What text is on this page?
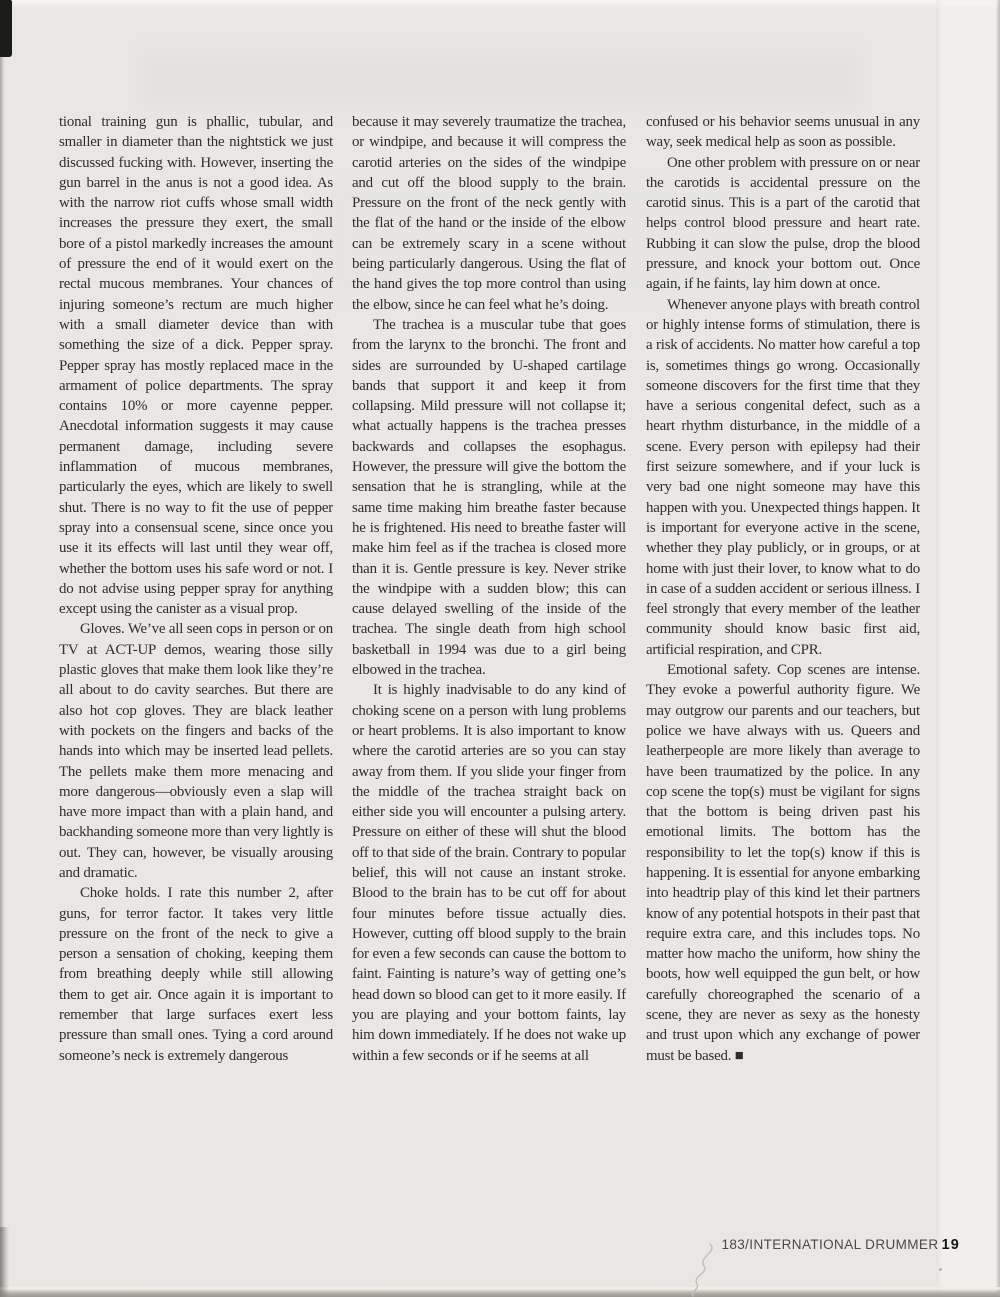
tional training gun is phallic, tubular, and smaller in diameter than the nightstick we just discussed fucking with. However, inserting the gun barrel in the anus is not a good idea. As with the narrow riot cuffs whose small width increases the pressure they exert, the small bore of a pistol markedly increases the amount of pressure the end of it would exert on the rectal mucous membranes. Your chances of injuring someone’s rectum are much higher with a small diameter device than with something the size of a dick. Pepper spray. Pepper spray has mostly replaced mace in the armament of police departments. The spray contains 10% or more cayenne pepper. Anecdotal information suggests it may cause permanent damage, including severe inflammation of mucous membranes, particularly the eyes, which are likely to swell shut. There is no way to fit the use of pepper spray into a consensual scene, since once you use it its effects will last until they wear off, whether the bottom uses his safe word or not. I do not advise using pepper spray for anything except using the canister as a visual prop.

Gloves. We’ve all seen cops in person or on TV at ACT-UP demos, wearing those silly plastic gloves that make them look like they’re all about to do cavity searches. But there are also hot cop gloves. They are black leather with pockets on the fingers and backs of the hands into which may be inserted lead pellets. The pellets make them more menacing and more dangerous—obviously even a slap will have more impact than with a plain hand, and backhanding someone more than very lightly is out. They can, however, be visually arousing and dramatic.

Choke holds. I rate this number 2, after guns, for terror factor. It takes very little pressure on the front of the neck to give a person a sensation of choking, keeping them from breathing deeply while still allowing them to get air. Once again it is important to remember that large surfaces exert less pressure than small ones. Tying a cord around someone’s neck is extremely dangerous

because it may severely traumatize the trachea, or windpipe, and because it will compress the carotid arteries on the sides of the windpipe and cut off the blood supply to the brain. Pressure on the front of the neck gently with the flat of the hand or the inside of the elbow can be extremely scary in a scene without being particularly dangerous. Using the flat of the hand gives the top more control than using the elbow, since he can feel what he’s doing.

The trachea is a muscular tube that goes from the larynx to the bronchi. The front and sides are surrounded by U-shaped cartilage bands that support it and keep it from collapsing. Mild pressure will not collapse it; what actually happens is the trachea presses backwards and collapses the esophagus. However, the pressure will give the bottom the sensation that he is strangling, while at the same time making him breathe faster because he is frightened. His need to breathe faster will make him feel as if the trachea is closed more than it is. Gentle pressure is key. Never strike the windpipe with a sudden blow; this can cause delayed swelling of the inside of the trachea. The single death from high school basketball in 1994 was due to a girl being elbowed in the trachea.

It is highly inadvisable to do any kind of choking scene on a person with lung problems or heart problems. It is also important to know where the carotid arteries are so you can stay away from them. If you slide your finger from the middle of the trachea straight back on either side you will encounter a pulsing artery. Pressure on either of these will shut the blood off to that side of the brain. Contrary to popular belief, this will not cause an instant stroke. Blood to the brain has to be cut off for about four minutes before tissue actually dies. However, cutting off blood supply to the brain for even a few seconds can cause the bottom to faint. Fainting is nature’s way of getting one’s head down so blood can get to it more easily. If you are playing and your bottom faints, lay him down immediately. If he does not wake up within a few seconds or if he seems at all

confused or his behavior seems unusual in any way, seek medical help as soon as possible.

One other problem with pressure on or near the carotids is accidental pressure on the carotid sinus. This is a part of the carotid that helps control blood pressure and heart rate. Rubbing it can slow the pulse, drop the blood pressure, and knock your bottom out. Once again, if he faints, lay him down at once.

Whenever anyone plays with breath control or highly intense forms of stimulation, there is a risk of accidents. No matter how careful a top is, sometimes things go wrong. Occasionally someone discovers for the first time that they have a serious congenital defect, such as a heart rhythm disturbance, in the middle of a scene. Every person with epilepsy had their first seizure somewhere, and if your luck is very bad one night someone may have this happen with you. Unexpected things happen. It is important for everyone active in the scene, whether they play publicly, or in groups, or at home with just their lover, to know what to do in case of a sudden accident or serious illness. I feel strongly that every member of the leather community should know basic first aid, artificial respiration, and CPR.

Emotional safety. Cop scenes are intense. They evoke a powerful authority figure. We may outgrow our parents and our teachers, but police we have always with us. Queers and leatherpeople are more likely than average to have been traumatized by the police. In any cop scene the top(s) must be vigilant for signs that the bottom is being driven past his emotional limits. The bottom has the responsibility to let the top(s) know if this is happening. It is essential for anyone embarking into headtrip play of this kind let their partners know of any potential hotspots in their past that require extra care, and this includes tops. No matter how macho the uniform, how shiny the boots, how well equipped the gun belt, or how carefully choreographed the scenario of a scene, they are never as sexy as the honesty and trust upon which any exchange of power must be based. ■

183/INTERNATIONAL DRUMMER 19
